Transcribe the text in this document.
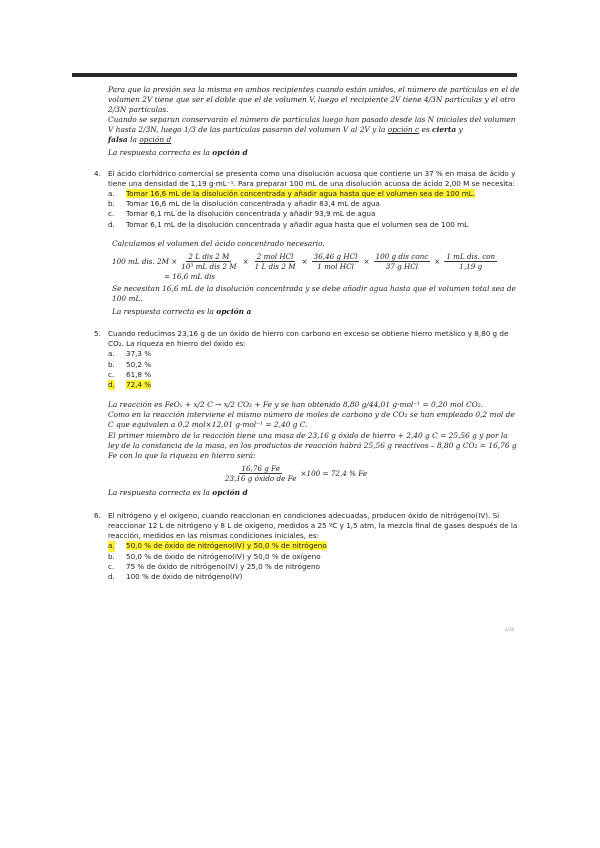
Para que la presión sea la misma en ambos recipientes cuando están unidos, el número de partículas en el de volumen 2V tiene que ser el doble que el de volumen V, luego el recipiente 2V tiene 4/3N partículas y el otro 2/3N partículas.

Cuando se separan conservarán el número de partículas luego han pasado desde las N iniciales del volumen V hasta 2/3N, luego 1/3 de las partículas pasaron del volumen V al 2V y la opción c es cierta y

falsa la opción d

La respuesta correcta es la opción d

4. El ácido clorhídrico comercial se presenta como una disolución acuosa que contiene un 37 % en masa de ácido y tiene una densidad de 1,19 g·mL⁻¹. Para preparar 100 mL de una disolución acuosa de ácido 2,00 M se necesita:

a. Tomar 16,6 mL de la disolución concentrada y añadir agua hasta que el volumen sea de 100 mL.
b. Tomar 16,6 mL de la disolución concentrada y añadir 83,4 mL de agua
c. Tomar 6,1 mL de la disolución concentrada y añadir 93,9 mL de agua
d. Tomar 6,1 mL de la disolución concentrada y añadir agua hasta que el volumen sea de 100 mL

Calculamos el volumen del ácido concentrado necesario.

100 mL dis. $2M \times \frac{\text{2 L dis 2 M}}{\text{10³ mL dis 2 M}} \times \frac{\text{2 mol HCl}}{\text{1 L dis 2 M}} \times \frac{\text{36,46 g HCl}}{\text{1 mol HCl}} \times \frac{\text{100 g dis conc}}{\text{37 g HCl}} \times \frac{\text{1 mL dis. con}}{1,19 g}$
= 16,6 mL dis

Se necesitan 16,6 mL de la disolución concentrada y se debe añadir agua hasta que el volumen total sea de 100 mL.

La respuesta correcta es la opción a

5. Cuando reducimos 23,16 g de un óxido de hierro con carbono en exceso se obtiene hierro metálico y 8,80 g de CO₂. La riqueza en hierro del óxido es:

a. 37,3 %
b. 50,2 %
c. 61,8 %
d. 72,4 %

La reacción es FeOₓ + x/2 C → x/2 CO₂ + Fe y se han obtenido 8,80 g/44,01 g·mol⁻¹ = 0,20 mol CO₂.

Como en la reacción interviene el mismo número de moles de carbono y de CO₂ se han empleado 0,2 mol de C que equivalen a 0,2 mol×12,01 g·mol⁻¹ = 2,40 g C.

El primer miembro de la reacción tiene una masa de 23,16 g óxido de hierro + 2,40 g C = 25,56 g y por la ley de la constancia de la masa, en los productos de reacción habrá 25,56 g reactivos – 8,80 g CO₂ = 16,76 g Fe con lo que la riqueza en hierro será:

$\frac{\text{16,76 g Fe}}{\text{23,16 g óxido de Fe}} \times 100 = 72,4$ % Fe

La respuesta correcta es la opción d

6. El nitrógeno y el oxígeno, cuando reaccionan en condiciones adecuadas, producen óxido de nitrógeno(IV). Si reaccionar 12 L de nitrógeno y 8 L de oxígeno, medidos a 25 ºC y 1,5 atm, la mezcla final de gases después de la reacción, medidos en las mismas condiciones iniciales, es:

a. 50,0 % de óxido de nitrógeno(IV) y 50,0 % de nitrógeno
b. 50,0 % de óxido de nitrógeno(IV) y 50,0 % de oxígeno
c. 75 % de óxido de nitrógeno(IV) y 25,0 % de nitrógeno
d. 100 % de óxido de nitrógeno(IV)
2/10
